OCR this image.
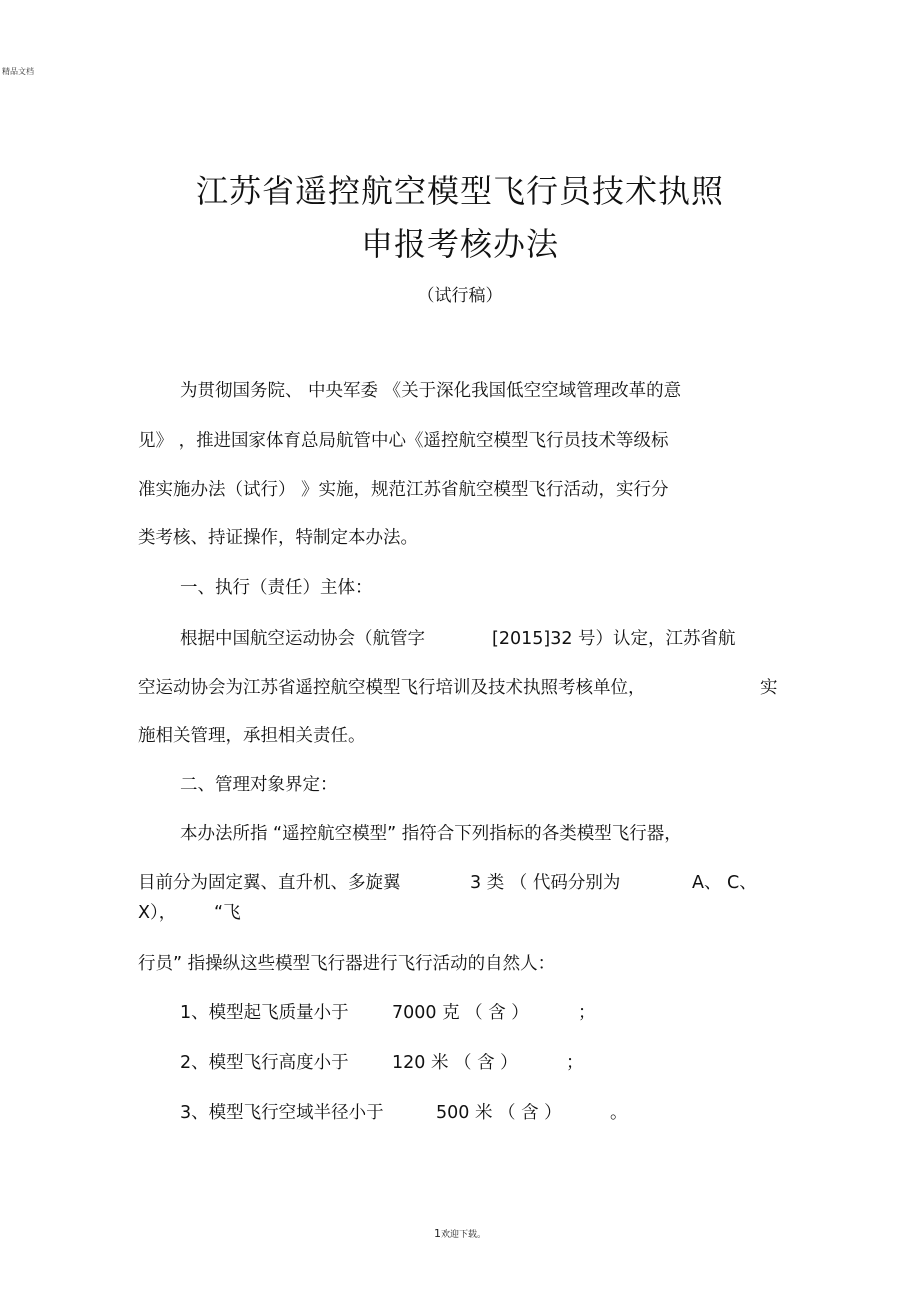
精品文档
江苏省遥控航空模型飞行员技术执照
申报考核办法
（试行稿）
为贯彻国务院、 中央军委 《关于深化我国低空空域管理改革的意
见》 ，推进国家体育总局航管中心《遥控航空模型飞行员技术等级标
准实施办法（试行） 》实施，规范江苏省航空模型飞行活动，实行分
类考核、持证操作，特制定本办法。
一、执行（责任）主体：
根据中国航空运动协会（航管字	[2015]32 号）认定，江苏省航
空运动协会为江苏省遥控航空模型飞行培训及技术执照考核单位，	实
施相关管理，承担相关责任。
二、管理对象界定：
本办法所指 “遥控航空模型” 指符合下列指标的各类模型飞行器，
目前分为固定翼、直升机、多旋翼	3 类 （ 代码分别为	A、 C、
X）， “飞
行员” 指操纵这些模型飞行器进行飞行活动的自然人：
1、模型起飞质量小于 7000 克 （ 含 ）	；
2、模型飞行高度小于 120 米 （ 含 ）	；
3、模型飞行空域半径小于	500 米 （ 含 ）	。
1欢迎下载。
